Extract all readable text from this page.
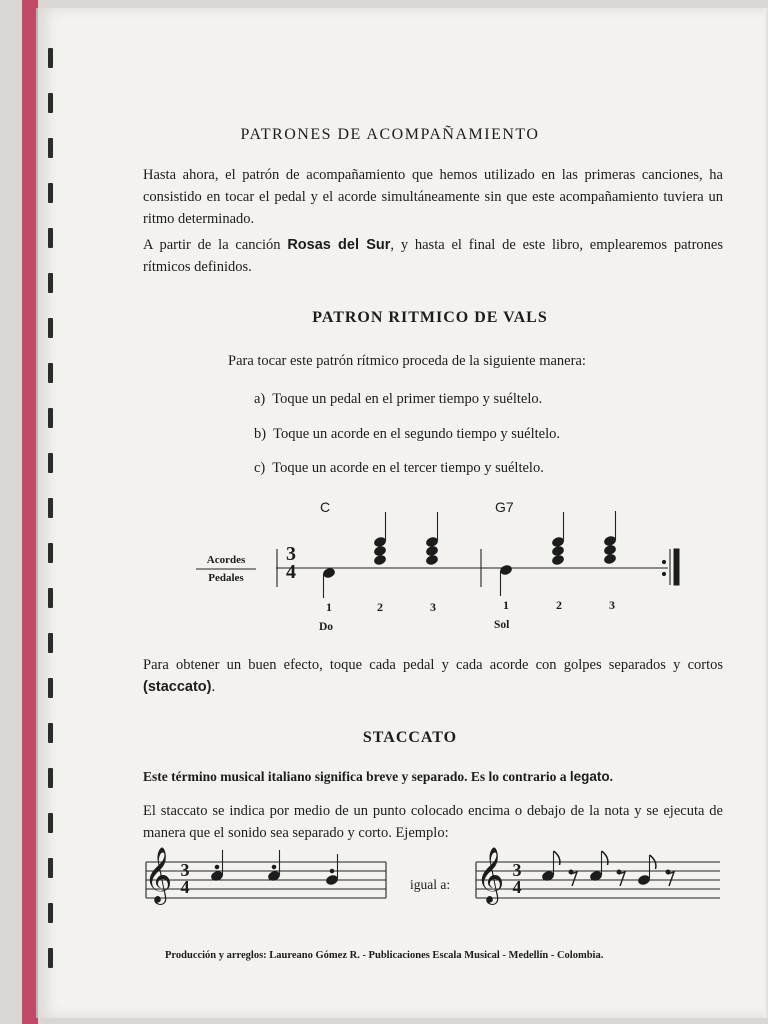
PATRONES DE ACOMPAÑAMIENTO

Hasta ahora, el patrón de acompañamiento que hemos utilizado en las primeras canciones, ha consistido en tocar el pedal y el acorde simultáneamente sin que este acompañamiento tuviera un ritmo determinado.

A partir de la canción Rosas del Sur, y hasta el final de este libro, emplearemos patrones rítmicos definidos.

PATRON RITMICO DE VALS

Para tocar este patrón rítmico proceda de la siguiente manera:

a) Toque un pedal en el primer tiempo y suéltelo.
b) Toque un acorde en el segundo tiempo y suéltelo.
c) Toque un acorde en el tercer tiempo y suéltelo.
C	G7
Acordes
Pedales
3
4
1	2	3	1	2	3
Do	Sol

Para obtener un buen efecto, toque cada pedal y cada acorde con golpes separados y cortos (staccato).

STACCATO

Este término musical italiano significa breve y separado. Es lo contrario a legato.

El staccato se indica por medio de un punto colocado encima o debajo de la nota y se ejecuta de manera que el sonido sea separado y corto. Ejemplo:

𝄞 3
4	igual a: 𝄞 3
4
Producción y arreglos: Laureano Gómez R. - Publicaciones Escala Musical - Medellín - Colombia.
